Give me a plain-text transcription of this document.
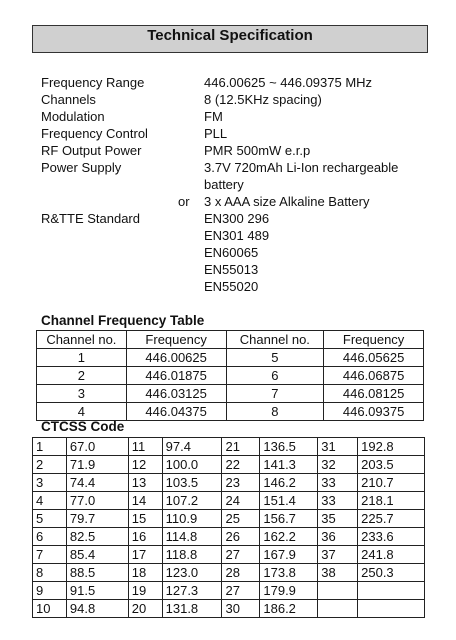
Technical Specification
Frequency Range	446.00625 ~ 446.09375 MHz
Channels	8 (12.5KHz spacing)
Modulation	FM
Frequency Control	PLL
RF Output Power	PMR 500mW e.r.p
Power Supply	3.7V 720mAh Li-Ion rechargeable
battery
or 3 x AAA size Alkaline Battery
R&TTE Standard	EN300 296
EN301 489
EN60065
EN55013
EN55020
Channel Frequency Table
Channel no.	Frequency	Channel no.	Frequency
1	446.00625	5	446.05625
2	446.01875	6	446.06875
3	446.03125	7	446.08125
4	446.04375	8	446.09375
CTCSS Code
1	67.0	11	97.4	21	136.5	31	192.8
2	71.9	12	100.0	22	141.3	32	203.5
3	74.4	13	103.5	23	146.2	33	210.7
4	77.0	14	107.2	24	151.4	33	218.1
5	79.7	15	110.9	25	156.7	35	225.7
6	82.5	16	114.8	26	162.2	36	233.6
7	85.4	17	118.8	27	167.9	37	241.8
8	88.5	18	123.0	28	173.8	38	250.3
9	91.5	19	127.3	27	179.9		
10	94.8	20	131.8	30	186.2		
